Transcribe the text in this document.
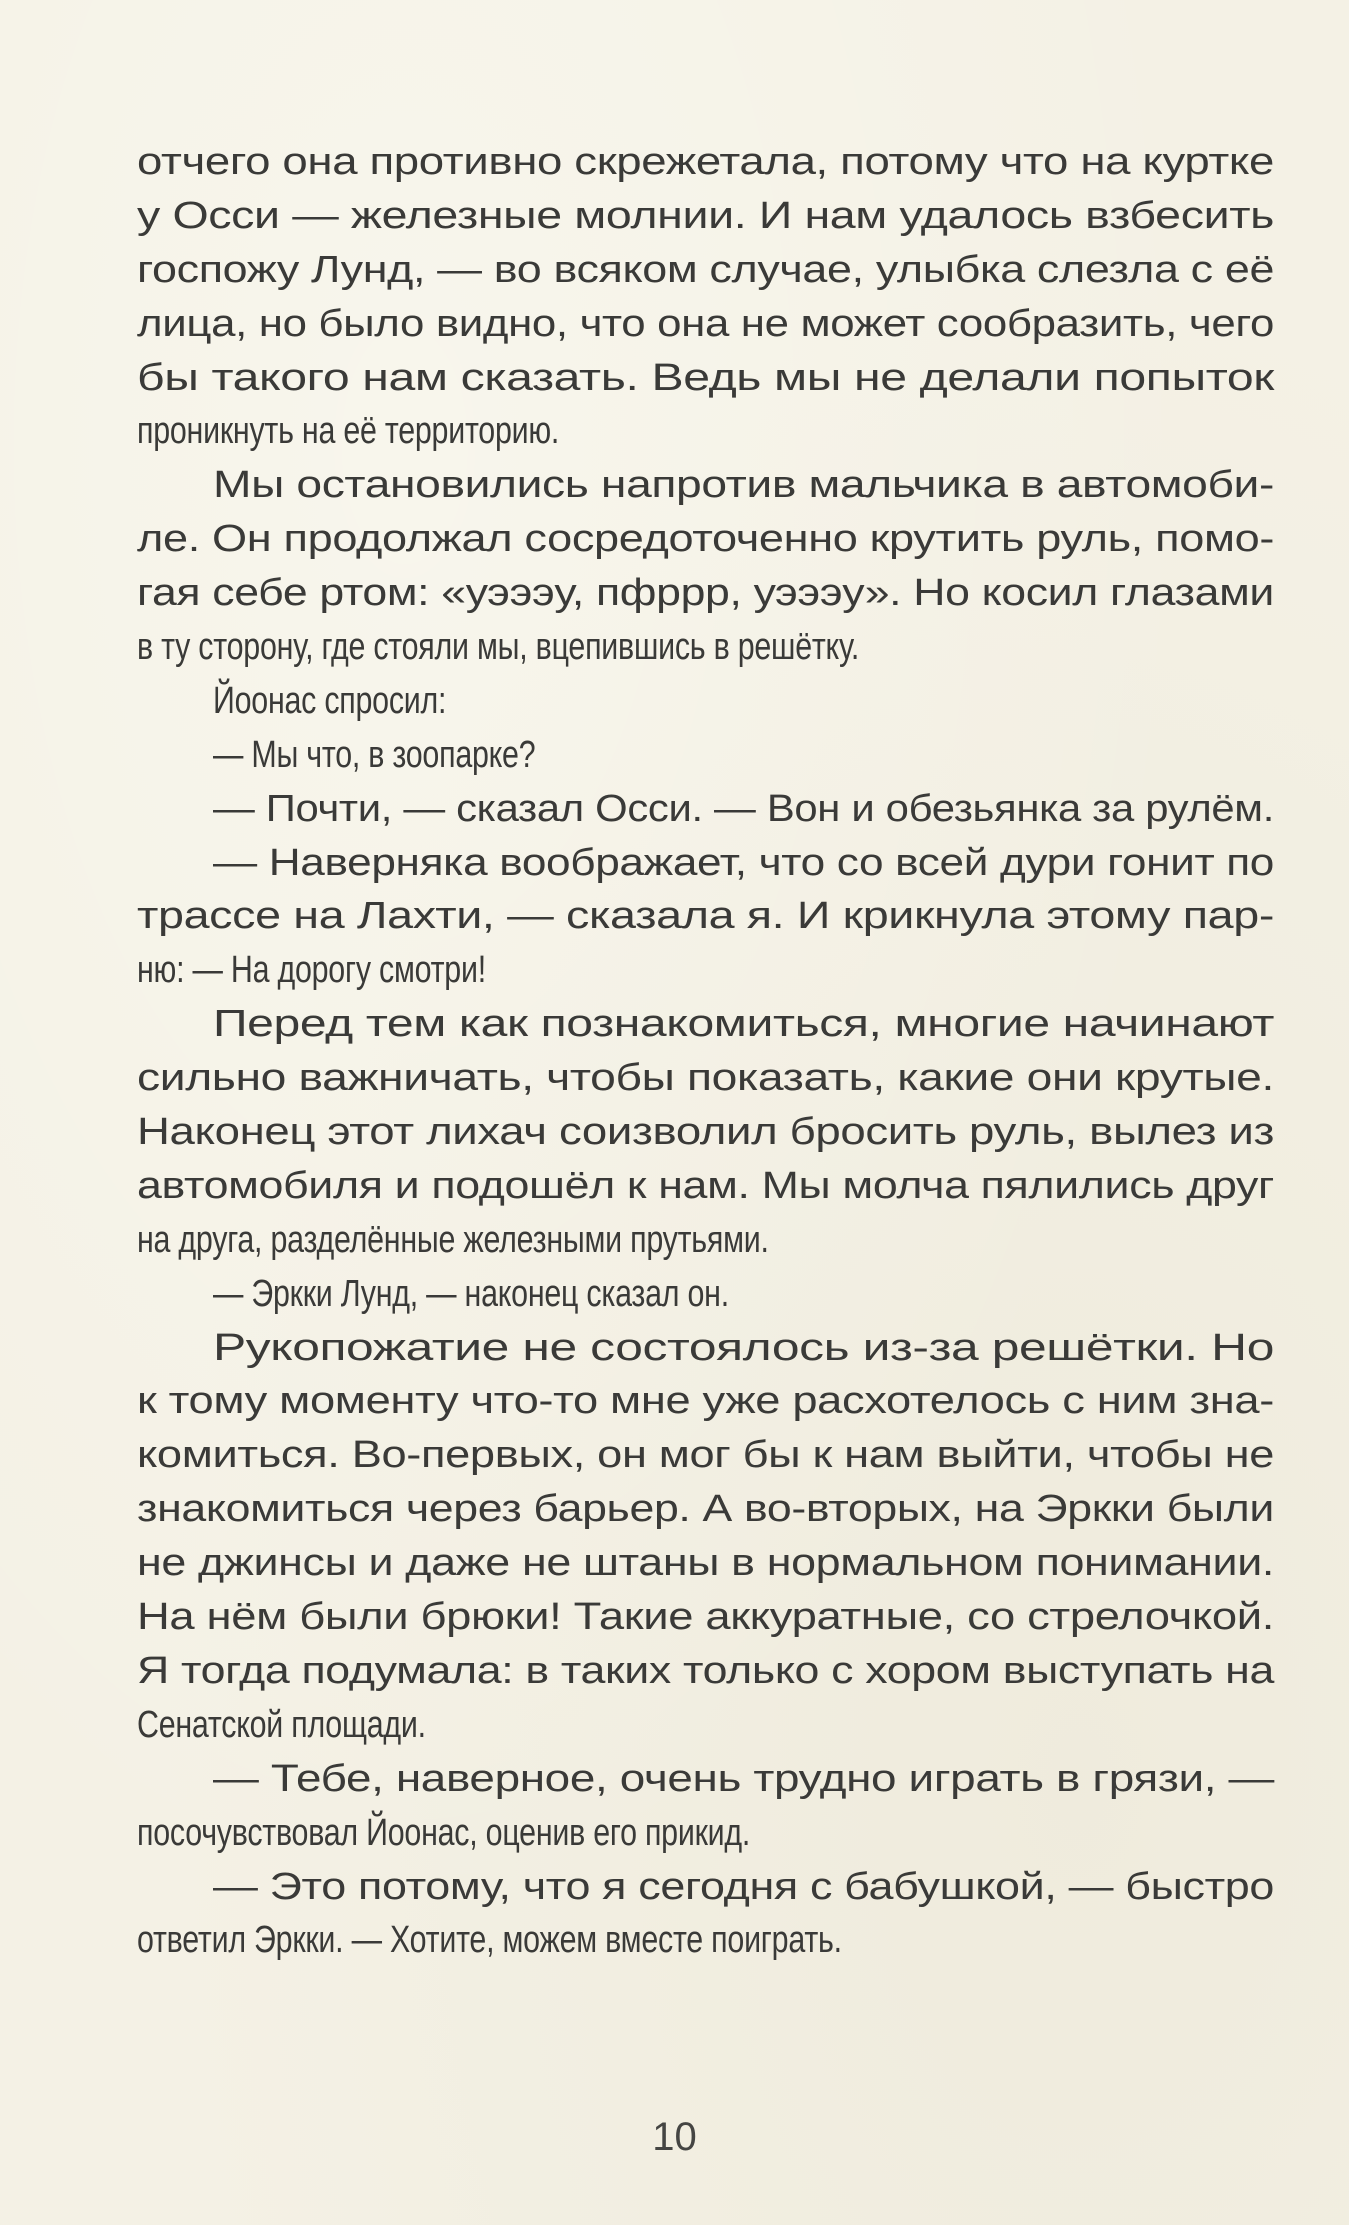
отчего она противно скрежетала, потому что на куртке
у Осси — железные молнии. И нам удалось взбесить
госпожу Лунд, — во всяком случае, улыбка слезла с её
лица, но было видно, что она не может сообразить, чего
бы такого нам сказать. Ведь мы не делали попыток
проникнуть на её территорию.
Мы остановились напротив мальчика в автомоби-
ле. Он продолжал сосредоточенно крутить руль, помо-
гая себе ртом: «уэээу, пфррр, уэээу». Но косил глазами
в ту сторону, где стояли мы, вцепившись в решётку.
Йоонас спросил:
— Мы что, в зоопарке?
— Почти, — сказал Осси. — Вон и обезьянка за рулём.
— Наверняка воображает, что со всей дури гонит по
трассе на Лахти, — сказала я. И крикнула этому пар-
ню: — На дорогу смотри!
Перед тем как познакомиться, многие начинают
сильно важничать, чтобы показать, какие они крутые.
Наконец этот лихач соизволил бросить руль, вылез из
автомобиля и подошёл к нам. Мы молча пялились друг
на друга, разделённые железными прутьями.
— Эркки Лунд, — наконец сказал он.
Рукопожатие не состоялось из-за решётки. Но
к тому моменту что-то мне уже расхотелось с ним зна-
комиться. Во-первых, он мог бы к нам выйти, чтобы не
знакомиться через барьер. А во-вторых, на Эркки были
не джинсы и даже не штаны в нормальном понимании.
На нём были брюки! Такие аккуратные, со стрелочкой.
Я тогда подумала: в таких только с хором выступать на
Сенатской площади.
— Тебе, наверное, очень трудно играть в грязи, —
посочувствовал Йоонас, оценив его прикид.
— Это потому, что я сегодня с бабушкой, — быстро
ответил Эркки. — Хотите, можем вместе поиграть.
10
